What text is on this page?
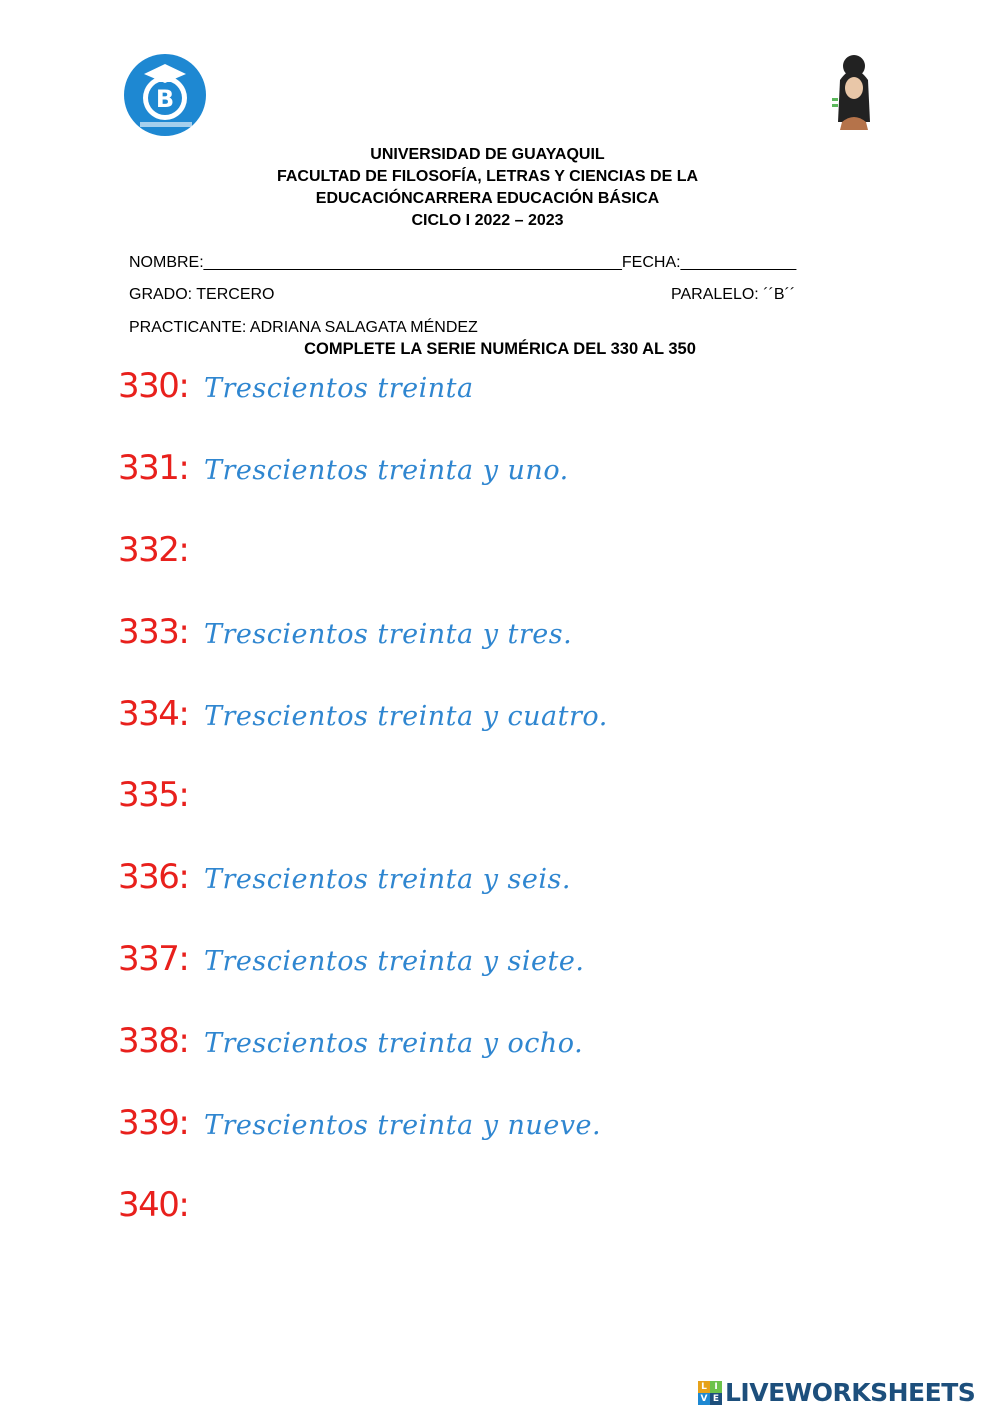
B
UNIVERSIDAD DE GUAYAQUIL
FACULTAD DE FILOSOFÍA, LETRAS Y CIENCIAS DE LA
EDUCACIÓNCARRERA EDUCACIÓN BÁSICA
CICLO I 2022 – 2023
NOMBRE:_______________________________________________FECHA:_____________
GRADO: TERCERO	PARALELO: ´´B´´
PRACTICANTE: ADRIANA SALAGATA MÉNDEZ
COMPLETE LA SERIE NUMÉRICA DEL 330 AL 350
330: Trescientos treinta
331: Trescientos treinta y uno.
332:
333: Trescientos treinta y tres.
334: Trescientos treinta y cuatro.
335:
336: Trescientos treinta y seis.
337: Trescientos treinta y siete.
338: Trescientos treinta y ocho.
339: Trescientos treinta y nueve.
340:
L I
V E LIVEWORKSHEETS
